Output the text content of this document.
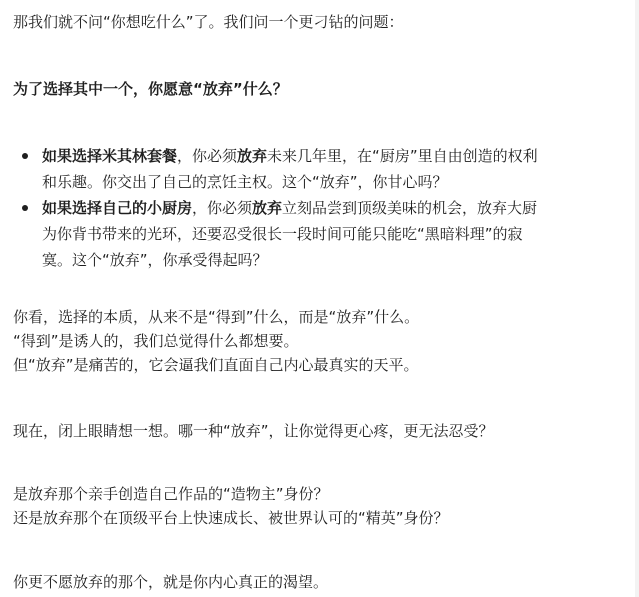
那我们就不问“你想吃什么”了。我们问一个更刁钻的问题：
为了选择其中一个，你愿意“放弃”什么？
如果选择米其林套餐，你必须放弃未来几年里，在“厨房”里自由创造的权利
和乐趣。你交出了自己的烹饪主权。这个“放弃”，你甘心吗？
如果选择自己的小厨房，你必须放弃立刻品尝到顶级美味的机会，放弃大厨
为你背书带来的光环，还要忍受很长一段时间可能只能吃“黑暗料理”的寂
寞。这个“放弃”，你承受得起吗？
你看，选择的本质，从来不是“得到”什么，而是“放弃”什么。
“得到”是诱人的，我们总觉得什么都想要。
但“放弃”是痛苦的，它会逼我们直面自己内心最真实的天平。
现在，闭上眼睛想一想。哪一种“放弃”，让你觉得更心疼，更无法忍受？
是放弃那个亲手创造自己作品的“造物主”身份？
还是放弃那个在顶级平台上快速成长、被世界认可的“精英”身份？
你更不愿放弃的那个，就是你内心真正的渴望。
